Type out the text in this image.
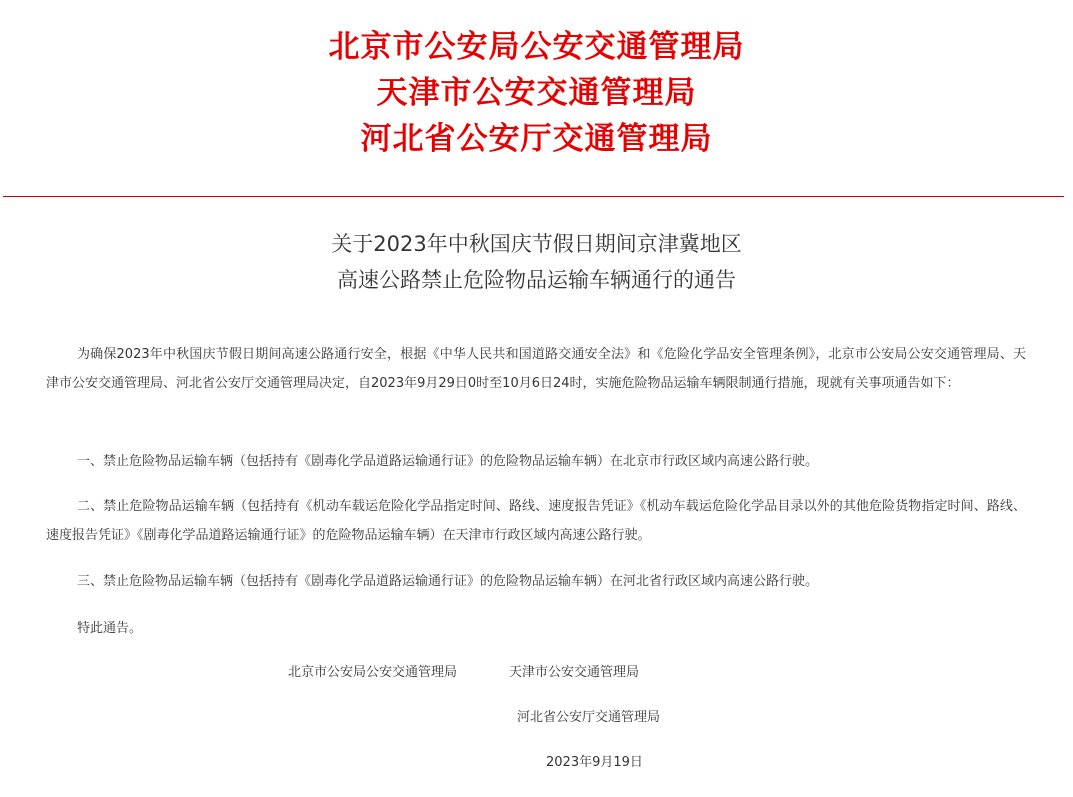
北京市公安局公安交通管理局
天津市公安交通管理局
河北省公安厅交通管理局
关于2023年中秋国庆节假日期间京津冀地区
高速公路禁止危险物品运输车辆通行的通告
为确保2023年中秋国庆节假日期间高速公路通行安全，根据《中华人民共和国道路交通安全法》和《危险化学品安全管理条例》，北京市公安局公安交通管理局、天津市公安交通管理局、河北省公安厅交通管理局决定，自2023年9月29日0时至10月6日24时，实施危险物品运输车辆限制通行措施，现就有关事项通告如下：
一、禁止危险物品运输车辆（包括持有《剧毒化学品道路运输通行证》的危险物品运输车辆）在北京市行政区域内高速公路行驶。
二、禁止危险物品运输车辆（包括持有《机动车载运危险化学品指定时间、路线、速度报告凭证》《机动车载运危险化学品目录以外的其他危险货物指定时间、路线、速度报告凭证》《剧毒化学品道路运输通行证》的危险物品运输车辆）在天津市行政区域内高速公路行驶。
三、禁止危险物品运输车辆（包括持有《剧毒化学品道路运输通行证》的危险物品运输车辆）在河北省行政区域内高速公路行驶。
特此通告。
北京市公安局公安交通管理局	天津市公安交通管理局
河北省公安厅交通管理局
2023年9月19日
